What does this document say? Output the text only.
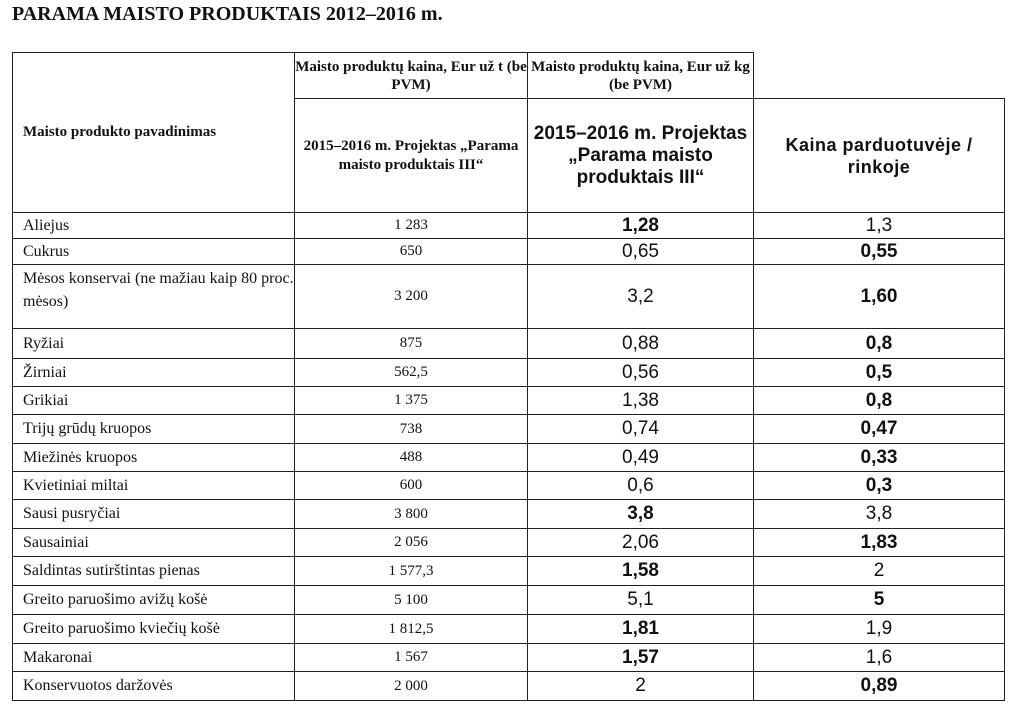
PARAMA MAISTO PRODUKTAIS 2012–2016 m.
Maisto produkto pavadinimas	Maisto produktų kaina, Eur už t (be PVM)	Maisto produktų kaina, Eur už kg (be PVM)	
	2015–2016 m. Projektas „Parama maisto produktais III“	2015–2016 m. Projektas „Parama maisto produktais III“	Kaina parduotuvėje / rinkoje
Aliejus	1 283	1,28	1,3
Cukrus	650	0,65	0,55
Mėsos konservai (ne mažiau kaip 80 proc. mėsos)	3 200	3,2	1,60
Ryžiai	875	0,88	0,8
Žirniai	562,5	0,56	0,5
Grikiai	1 375	1,38	0,8
Trijų grūdų kruopos	738	0,74	0,47
Miežinės kruopos	488	0,49	0,33
Kvietiniai miltai	600	0,6	0,3
Sausi pusryčiai	3 800	3,8	3,8
Sausainiai	2 056	2,06	1,83
Saldintas sutirštintas pienas	1 577,3	1,58	2
Greito paruošimo avižų košė	5 100	5,1	5
Greito paruošimo kviečių košė	1 812,5	1,81	1,9
Makaronai	1 567	1,57	1,6
Konservuotos daržovės	2 000	2	0,89
